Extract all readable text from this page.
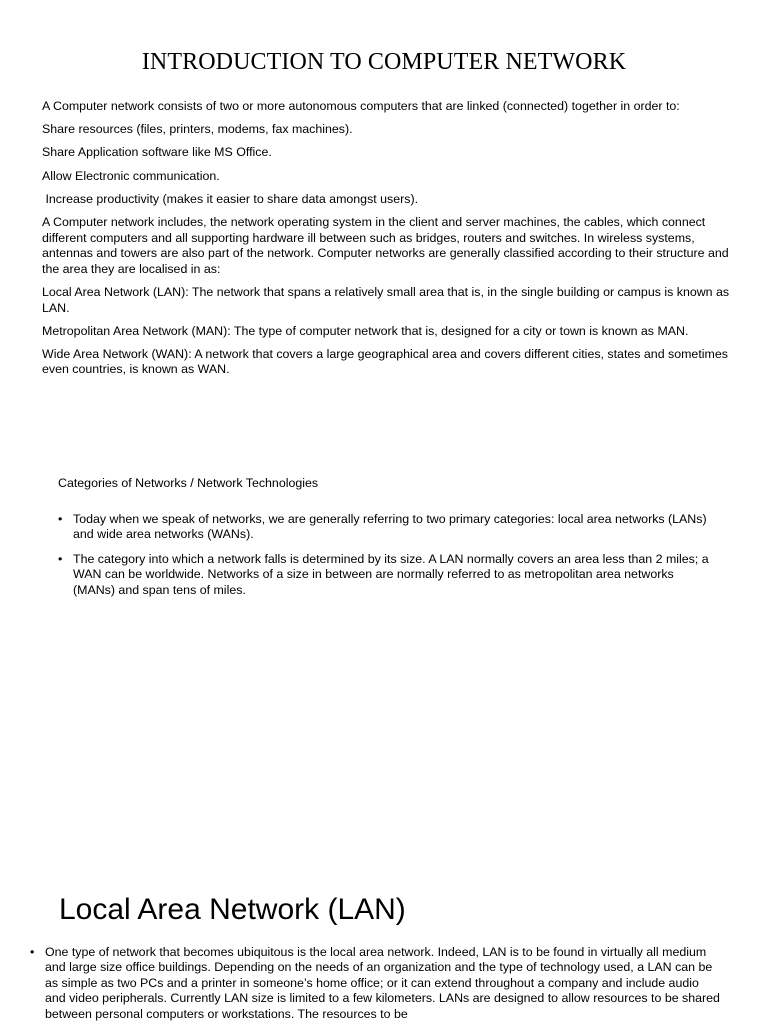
INTRODUCTION TO COMPUTER NETWORK

A Computer network consists of two or more autonomous computers that are linked (connected) together in order to:

Share resources (files, printers, modems, fax machines).

Share Application software like MS Office.

Allow Electronic communication.

Increase productivity (makes it easier to share data amongst users).

A Computer network includes, the network operating system in the client and server machines, the cables, which connect different computers and all supporting hardware ill between such as bridges, routers and switches. In wireless systems, antennas and towers are also part of the network. Computer networks are generally classified according to their structure and the area they are localised in as:

Local Area Network (LAN): The network that spans a relatively small area that is, in the single building or campus is known as LAN.

Metropolitan Area Network (MAN): The type of computer network that is, designed for a city or town is known as MAN.

Wide Area Network (WAN): A network that covers a large geographical area and covers different cities, states and sometimes even countries, is known as WAN.

Categories of Networks / Network Technologies
• Today when we speak of networks, we are generally referring to two primary categories: local area networks (LANs) and wide area networks (WANs).
• The category into which a network falls is determined by its size. A LAN normally covers an area less than 2 miles; a WAN can be worldwide. Networks of a size in between are normally referred to as metropolitan area networks (MANs) and span tens of miles.
Local Area Network (LAN)
• One type of network that becomes ubiquitous is the local area network. Indeed, LAN is to be found in virtually all medium and large size office buildings. Depending on the needs of an organization and the type of technology used, a LAN can be as simple as two PCs and a printer in someone’s home office; or it can extend throughout a company and include audio and video peripherals. Currently LAN size is limited to a few kilometers. LANs are designed to allow resources to be shared between personal computers or workstations. The resources to be
